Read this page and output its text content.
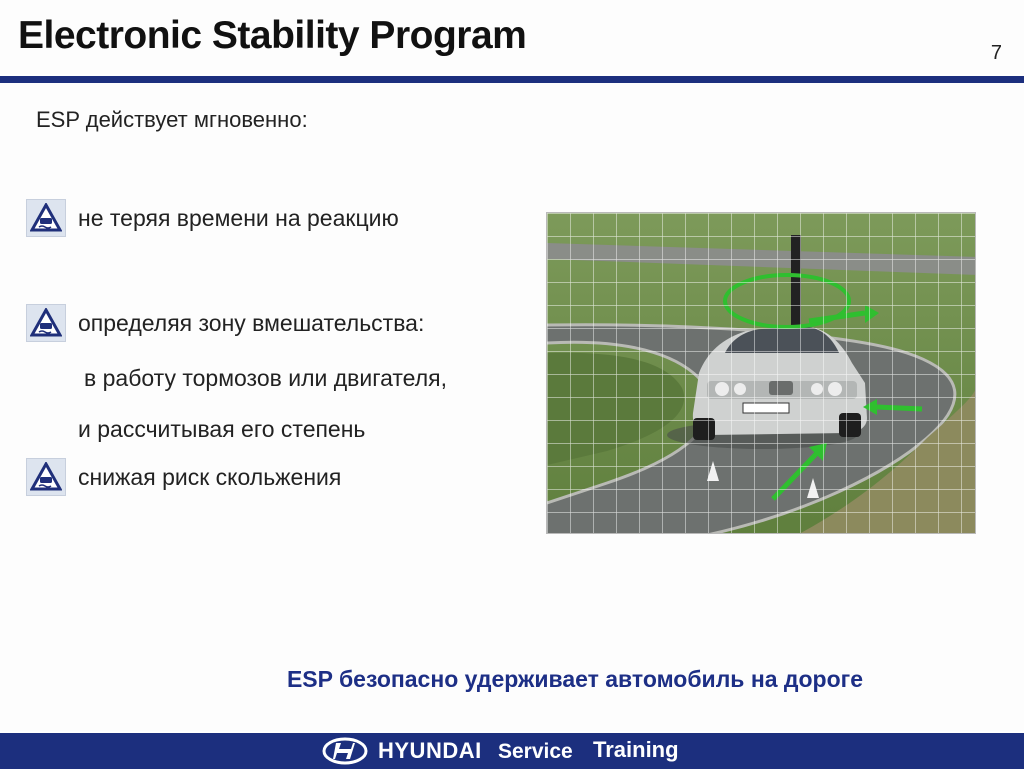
Electronic Stability Program	7
ESP действует мгновенно:
не теряя времени на реакцию
определяя зону вмешательства:
в работу тормозов или двигателя,
и рассчитывая его степень
снижая риск скольжения
ESP безопасно удерживает автомобиль на дороге
HYUNDAI Service Training
